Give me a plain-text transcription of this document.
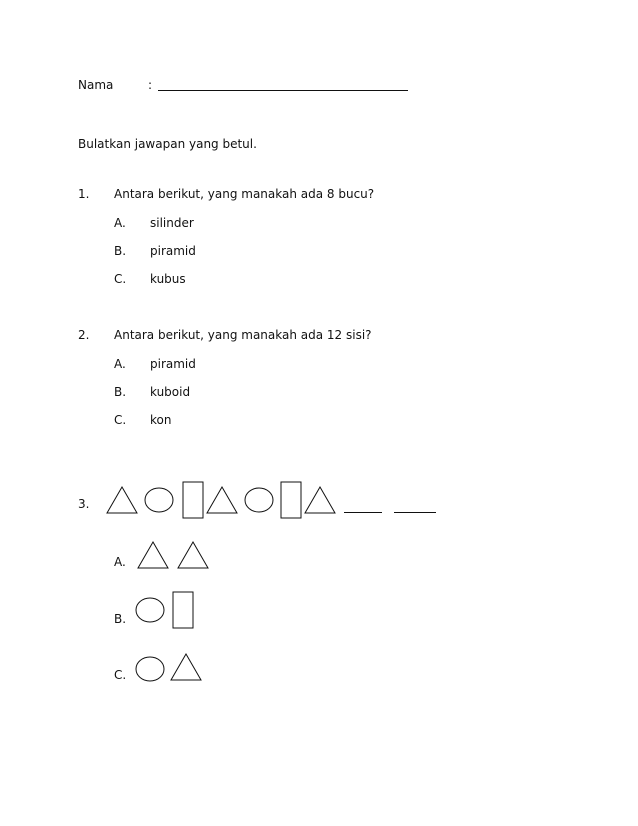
Nama	:
Bulatkan jawapan yang betul.
1. Antara berikut, yang manakah ada 8 bucu?
A. silinder
B. piramid
C. kubus
2. Antara berikut, yang manakah ada 12 sisi?
A. piramid
B. kuboid
C. kon
3.
A.
B.
C.
